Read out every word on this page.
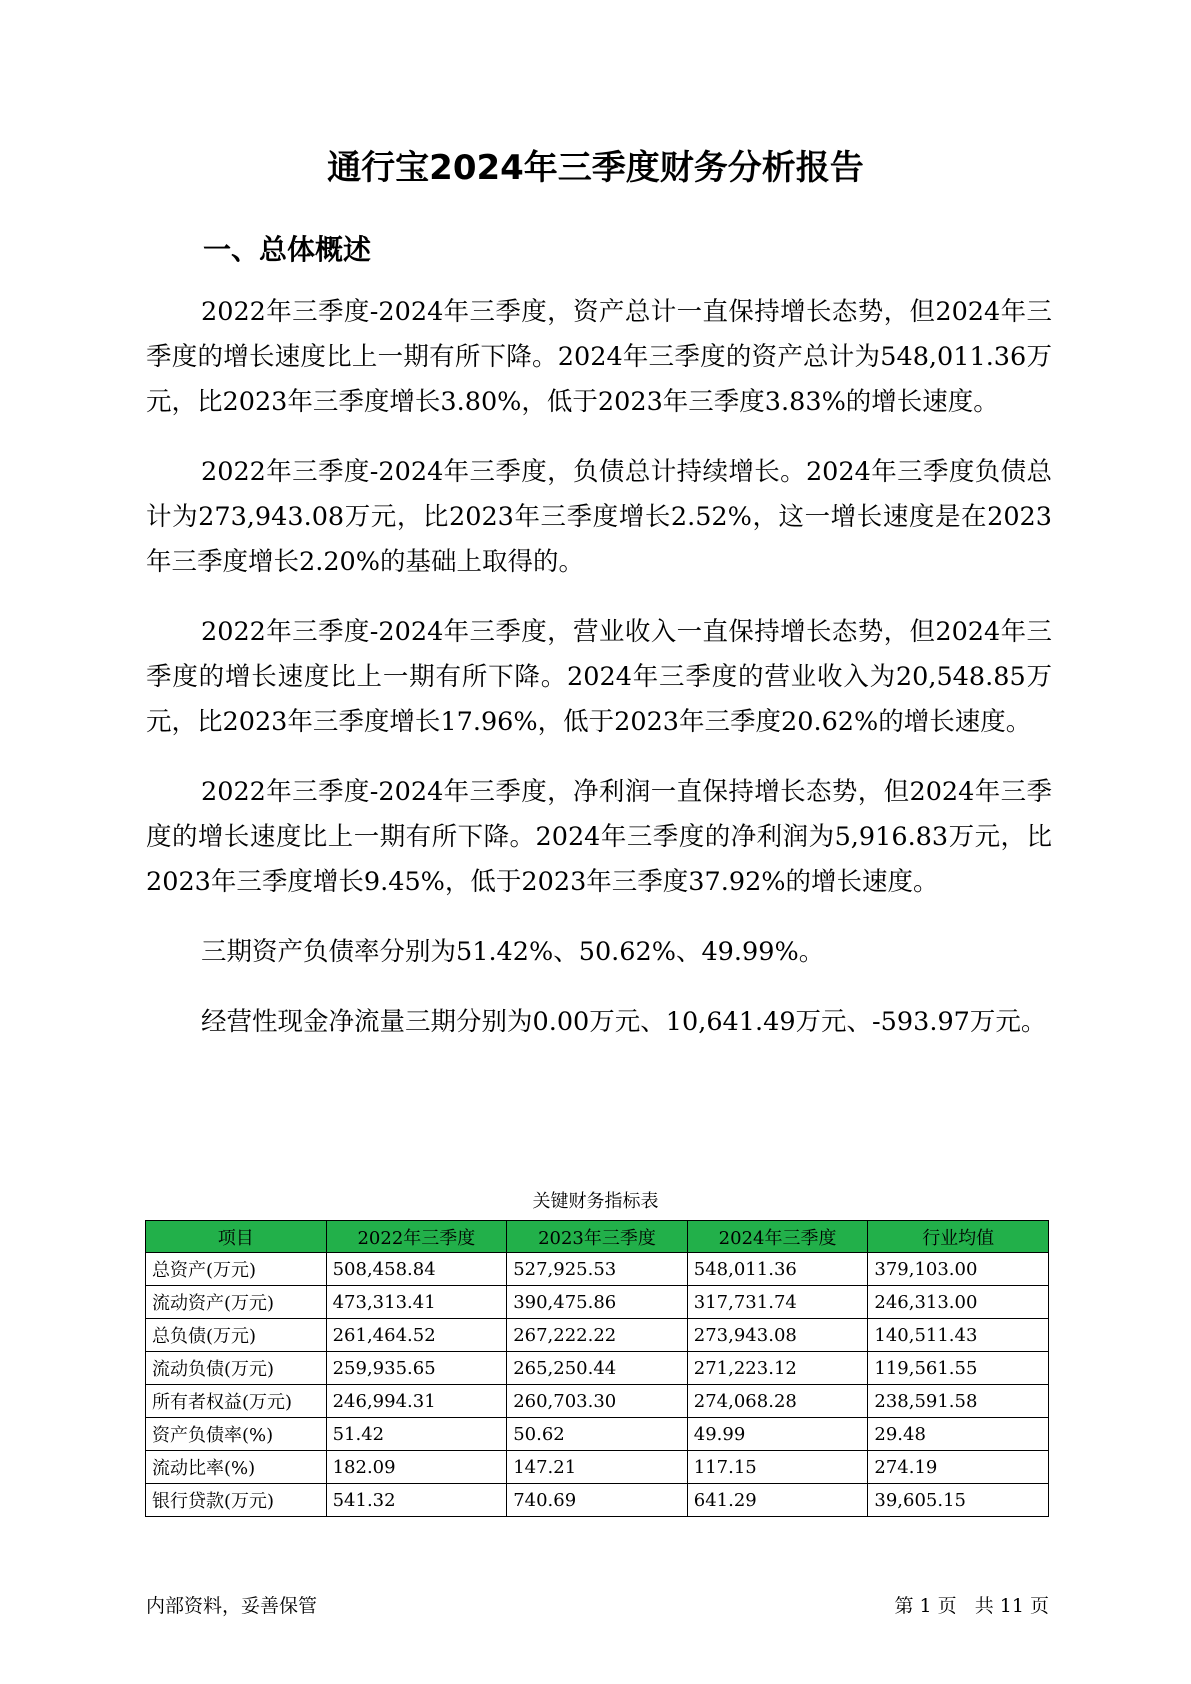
通行宝2024年三季度财务分析报告
一、总体概述

2022年三季度-2024年三季度，资产总计一直保持增长态势，但2024年三季度的增长速度比上一期有所下降。2024年三季度的资产总计为548,011.36万元，比2023年三季度增长3.80%，低于2023年三季度3.83%的增长速度。

2022年三季度-2024年三季度，负债总计持续增长。2024年三季度负债总计为273,943.08万元，比2023年三季度增长2.52%，这一增长速度是在2023年三季度增长2.20%的基础上取得的。

2022年三季度-2024年三季度，营业收入一直保持增长态势，但2024年三季度的增长速度比上一期有所下降。2024年三季度的营业收入为20,548.85万元，比2023年三季度增长17.96%，低于2023年三季度20.62%的增长速度。

2022年三季度-2024年三季度，净利润一直保持增长态势，但2024年三季度的增长速度比上一期有所下降。2024年三季度的净利润为5,916.83万元，比2023年三季度增长9.45%，低于2023年三季度37.92%的增长速度。

三期资产负债率分别为51.42%、50.62%、49.99%。

经营性现金净流量三期分别为0.00万元、10,641.49万元、-593.97万元。

关键财务指标表
项目	2022年三季度	2023年三季度	2024年三季度	行业均值
总资产(万元)	508,458.84	527,925.53	548,011.36	379,103.00
流动资产(万元)	473,313.41	390,475.86	317,731.74	246,313.00
总负债(万元)	261,464.52	267,222.22	273,943.08	140,511.43
流动负债(万元)	259,935.65	265,250.44	271,223.12	119,561.55
所有者权益(万元)	246,994.31	260,703.30	274,068.28	238,591.58
资产负债率(%)	51.42	50.62	49.99	29.48
流动比率(%)	182.09	147.21	117.15	274.19
银行贷款(万元)	541.32	740.69	641.29	39,605.15
内部资料，妥善保管	第 1 页   共 11 页
